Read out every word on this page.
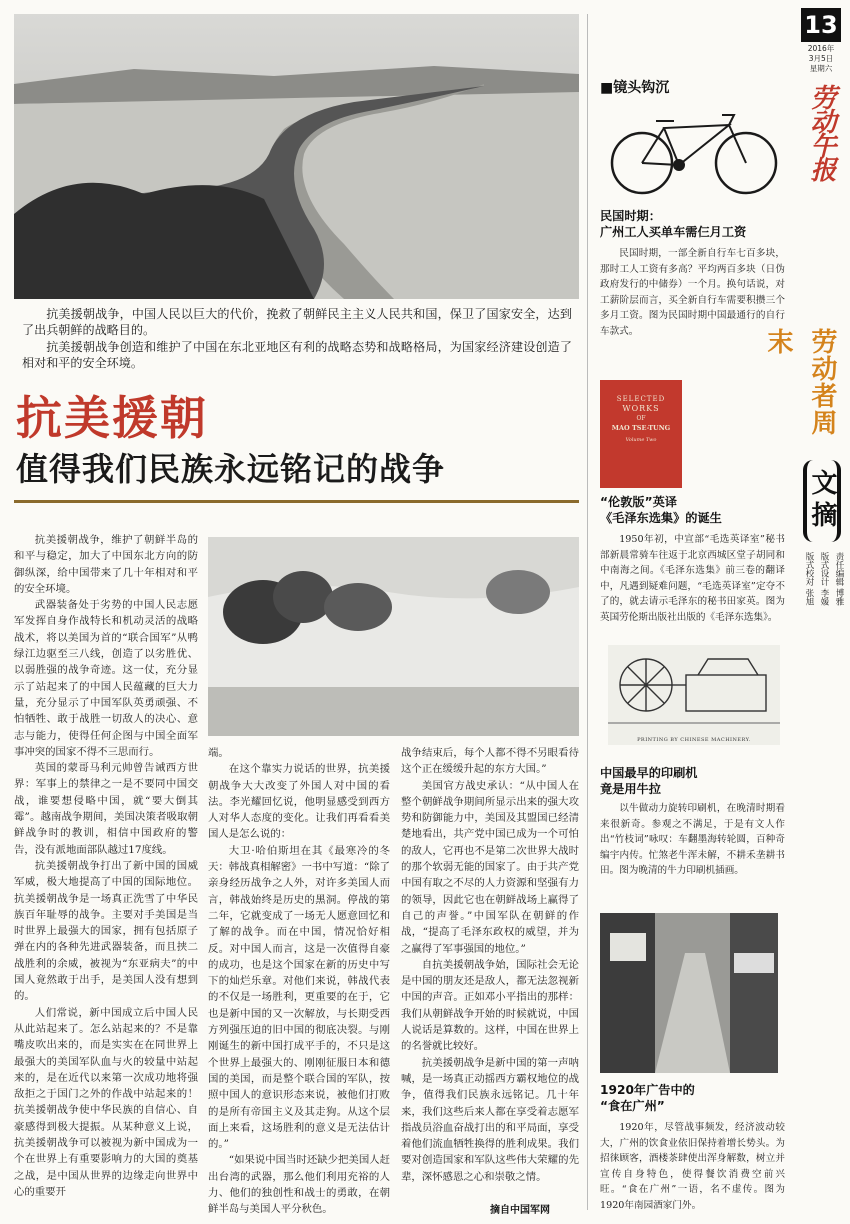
抗美援朝战争，中国人民以巨大的代价，挽救了朝鲜民主主义人民共和国，保卫了国家安全，达到了出兵朝鲜的战略目的。

抗美援朝战争创造和维护了中国在东北亚地区有利的战略态势和战略格局，为国家经济建设创造了相对和平的安全环境。

抗美援朝
值得我们民族永远铭记的战争

抗美援朝战争，维护了朝鲜半岛的和平与稳定，加大了中国东北方向的防御纵深，给中国带来了几十年相对和平的安全环境。

武器装备处于劣势的中国人民志愿军发挥自身作战特长和机动灵活的战略战术，将以美国为首的“联合国军”从鸭绿江边驱至三八线，创造了以劣胜优、以弱胜强的战争奇迹。这一仗，充分显示了站起来了的中国人民蕴藏的巨大力量，充分显示了中国军队英勇顽强、不怕牺牲、敢于战胜一切敌人的决心、意志与能力，使得任何企图与中国全面军事冲突的国家不得不三思而行。

英国的蒙哥马利元帅曾告诫西方世界：军事上的禁律之一是不要同中国交战，谁要想侵略中国，就“要大倒其霉”。越南战争期间，美国决策者吸取朝鲜战争时的教训，相信中国政府的警告，没有派地面部队越过17度线。

抗美援朝战争打出了新中国的国威军威，极大地提高了中国的国际地位。抗美援朝战争是一场真正洗雪了中华民族百年耻辱的战争。主要对手美国是当时世界上最强大的国家，拥有包括原子弹在内的各种先进武器装备，而且挟二战胜利的余威，被视为“东亚病夫”的中国人竟然敢于出手，是美国人没有想到的。

人们常说，新中国成立后中国人民从此站起来了。怎么站起来的？不是靠嘴皮吹出来的，而是实实在在同世界上最强大的美国军队血与火的较量中站起来的，是在近代以来第一次成功地将强敌拒之于国门之外的作战中站起来的！抗美援朝战争使中华民族的自信心、自豪感得到极大提振。从某种意义上说，抗美援朝战争可以被视为新中国成为一个在世界上有重要影响力的大国的奠基之战，是中国从世界的边缘走向世界中心的重要开

端。

在这个靠实力说话的世界，抗美援朝战争大大改变了外国人对中国的看法。李光耀回忆说，他明显感受到西方人对华人态度的变化。让我们再看看美国人是怎么说的：

大卫·哈伯斯坦在其《最寒冷的冬天：韩战真相解密》一书中写道：“除了亲身经历战争之人外，对许多美国人而言，韩战始终是历史的黑洞。停战的第二年，它就变成了一场无人愿意回忆和了解的战争。而在中国，情况恰好相反。对中国人而言，这是一次值得自豪的成功，也是这个国家在新的历史中写下的灿烂乐章。对他们来说，韩战代表的不仅是一场胜利，更重要的在于，它也是新中国的又一次解放，与长期受西方列强压迫的旧中国的彻底决裂。与刚刚诞生的新中国打成平手的，不只是这个世界上最强大的、刚刚征服日本和德国的美国，而是整个联合国的军队，按照中国人的意识形态来说，被他们打败的是所有帝国主义及其走狗。从这个层面上来看，这场胜利的意义是无法估计的。”

“如果说中国当时还缺少把美国人赶出台湾的武器，那么他们利用充裕的人力、他们的独创性和战士的勇敢，在朝鲜半岛与美国人平分秋色。

战争结束后，每个人都不得不另眼看待这个正在缓缓升起的东方大国。”

美国官方战史承认：“从中国人在整个朝鲜战争期间所显示出来的强大攻势和防御能力中，美国及其盟国已经清楚地看出，共产党中国已成为一个可怕的敌人，它再也不是第二次世界大战时的那个软弱无能的国家了。由于共产党中国有取之不尽的人力资源和坚强有力的领导，因此它也在朝鲜战场上赢得了自己的声誉。”中国军队在朝鲜的作战，“提高了毛泽东政权的威望，并为之赢得了军事强国的地位。”

自抗美援朝战争始，国际社会无论是中国的朋友还是敌人，都无法忽视新中国的声音。正如邓小平指出的那样：我们从朝鲜战争开始的时候就说，中国人说话是算数的。这样，中国在世界上的名誉就比较好。

抗美援朝战争是新中国的第一声呐喊，是一场真正动摇西方霸权地位的战争，值得我们民族永远铭记。几十年来，我们这些后来人都在享受着志愿军指战员浴血奋战打出的和平局面，享受着他们流血牺牲换得的胜利成果。我们要对创造国家和军队这些伟大荣耀的先辈，深怀感恩之心和崇敬之情。

摘自中国军网
■镜头钩沉
民国时期：
广州工人买单车需仨月工资

民国时期，一部全新自行车七百多块，那时工人工资有多高？平均两百多块（日伪政府发行的中储券）一个月。换句话说，对工薪阶层而言，买全新自行车需要积攒三个多月工资。图为民国时期中国最通行的自行车款式。

SELECTED
WORKS
OF
MAO TSE-TUNG
Volume Two
“伦敦版”英译
《毛泽东选集》的诞生

1950年初，中宣部“毛选英译室”秘书部新晨常骑车往返于北京西城区堂子胡同和中南海之间。《毛泽东选集》前三卷的翻译中，凡遇到疑难问题，“毛选英译室”定夺不了的，就去请示毛泽东的秘书田家英。图为英国劳伦斯出版社出版的《毛泽东选集》。

PRINTING BY CHINESE MACHINERY.
中国最早的印刷机
竟是用牛拉

以牛做动力旋转印刷机，在晚清时期看来很新奇。参观之不满足，于是有文人作出“竹枝词”咏叹：车翻墨海转轮圆，百种奇编宇内传。忙煞老牛浑未解，不耕禾垄耕书田。图为晚清的牛力印刷机插画。

1920年广告中的
“食在广州”

1920年，尽管战事频发，经济波动较大，广州的饮食业依旧保持着增长势头。为招徕顾客，酒楼茶肆使出浑身解数，树立并宣传自身特色，使得餐饮消费空前兴旺。“食在广州”一语，名不虚传。图为1920年南园酒家门外。

13
2016年
3月5日
星期六
劳动午报
劳动者周末
文摘
责任编辑 博雅
版式设计 李媛
版式校对 张旭
